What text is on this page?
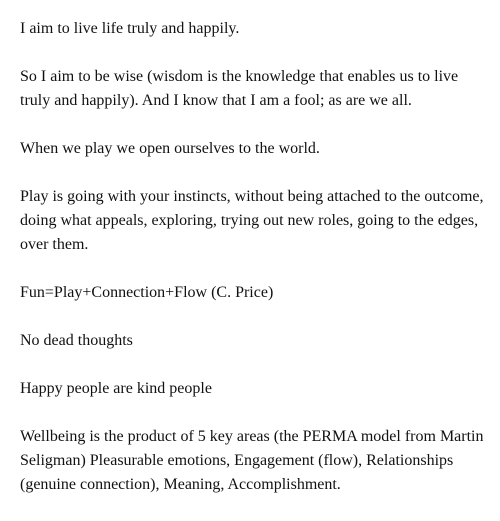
I aim to live life truly and happily.

So I aim to be wise (wisdom is the knowledge that enables us to live truly and happily). And I know that I am a fool; as are we all.

When we play we open ourselves to the world.

Play is going with your instincts, without being attached to the outcome, doing what appeals, exploring, trying out new roles, going to the edges, over them.

Fun=Play+Connection+Flow (C. Price)

No dead thoughts

Happy people are kind people

Wellbeing is the product of 5 key areas (the PERMA model from Martin Seligman) Pleasurable emotions, Engagement (flow), Relationships (genuine connection), Meaning, Accomplishment.
